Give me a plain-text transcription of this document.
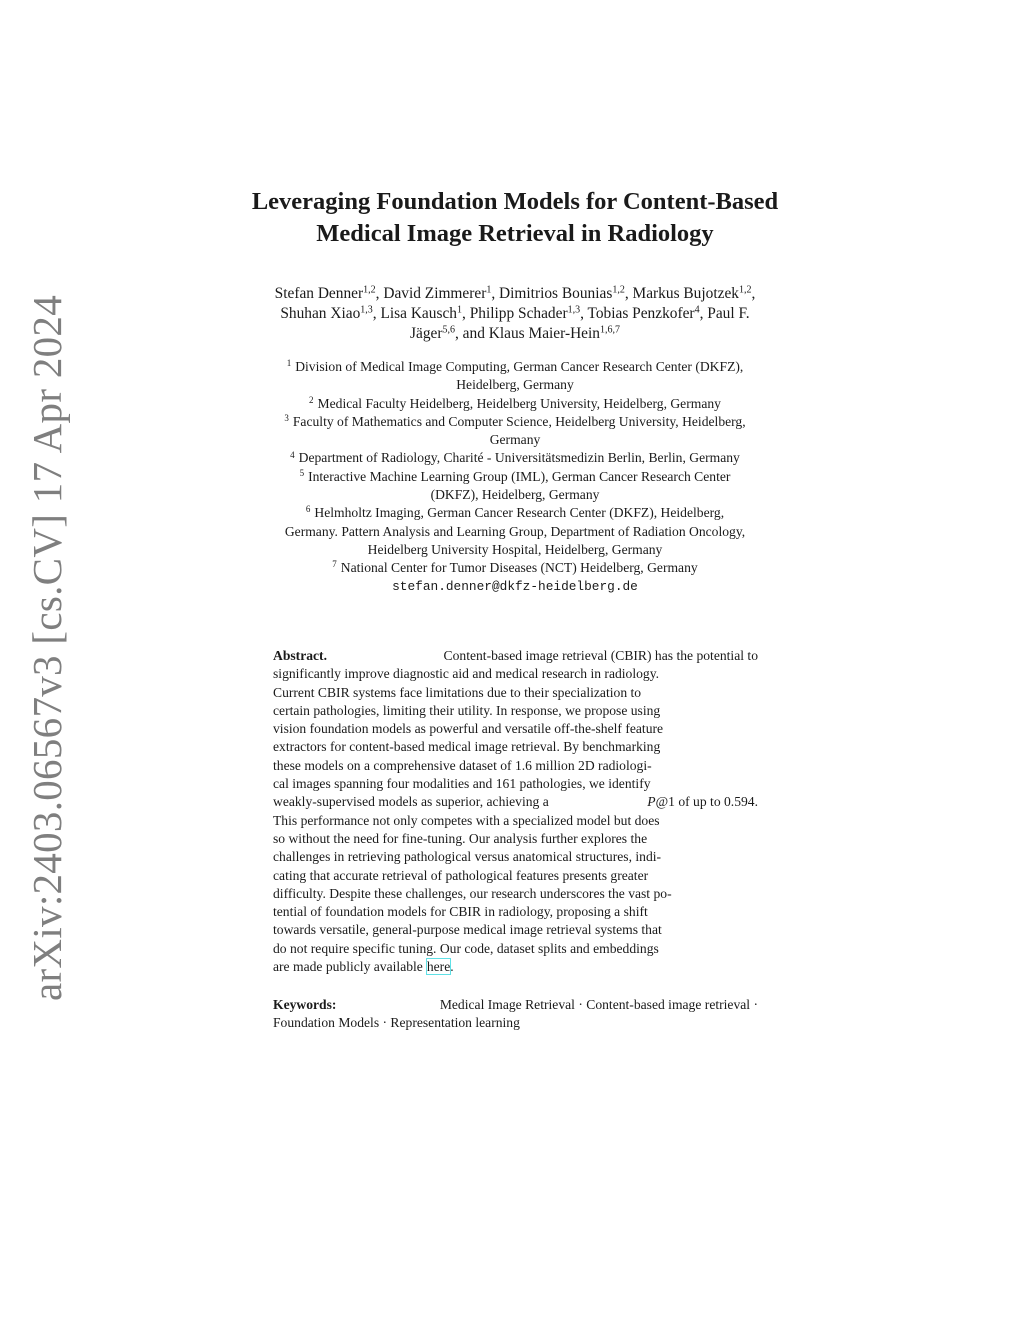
arXiv:2403.06567v3 [cs.CV] 17 Apr 2024
Leveraging Foundation Models for Content-Based
Medical Image Retrieval in Radiology
Stefan Denner$^{1,2}$, David Zimmerer$^1$, Dimitrios Bounias$^{1,2}$, Markus Bujotzek$^{1,2}$,
Shuhan Xiao$^{1,3}$, Lisa Kausch$^1$, Philipp Schader$^{1,3}$, Tobias Penzkofer$^4$, Paul F.
Jäger$^{5,6}$, and Klaus Maier-Hein$^{1,6,7}$
$^1$ Division of Medical Image Computing, German Cancer Research Center (DKFZ),
Heidelberg, Germany
$^2$ Medical Faculty Heidelberg, Heidelberg University, Heidelberg, Germany
$^3$ Faculty of Mathematics and Computer Science, Heidelberg University, Heidelberg,
Germany
$^4$ Department of Radiology, Charité - Universitätsmedizin Berlin, Berlin, Germany
$^5$ Interactive Machine Learning Group (IML), German Cancer Research Center
(DKFZ), Heidelberg, Germany
$^6$ Helmholtz Imaging, German Cancer Research Center (DKFZ), Heidelberg,
Germany. Pattern Analysis and Learning Group, Department of Radiation Oncology,
Heidelberg University Hospital, Heidelberg, Germany
$^7$ National Center for Tumor Diseases (NCT) Heidelberg, Germany
stefan.denner@dkfz-heidelberg.de
Abstract.	Content-based image retrieval (CBIR) has the potential to
significantly improve diagnostic aid and medical research in radiology.
Current CBIR systems face limitations due to their specialization to
certain pathologies, limiting their utility. In response, we propose using
vision foundation models as powerful and versatile off-the-shelf feature
extractors for content-based medical image retrieval. By benchmarking
these models on a comprehensive dataset of 1.6 million 2D radiologi-
cal images spanning four modalities and 161 pathologies, we identify
weakly-supervised models as superior, achieving a	P@1 of up to 0.594.
This performance not only competes with a specialized model but does
so without the need for fine-tuning. Our analysis further explores the
challenges in retrieving pathological versus anatomical structures, indi-
cating that accurate retrieval of pathological features presents greater
difficulty. Despite these challenges, our research underscores the vast po-
tential of foundation models for CBIR in radiology, proposing a shift
towards versatile, general-purpose medical image retrieval systems that
do not require specific tuning. Our code, dataset splits and embeddings
are made publicly available here.
Keywords:	Medical Image Retrieval · Content-based image retrieval ·
Foundation Models · Representation learning
